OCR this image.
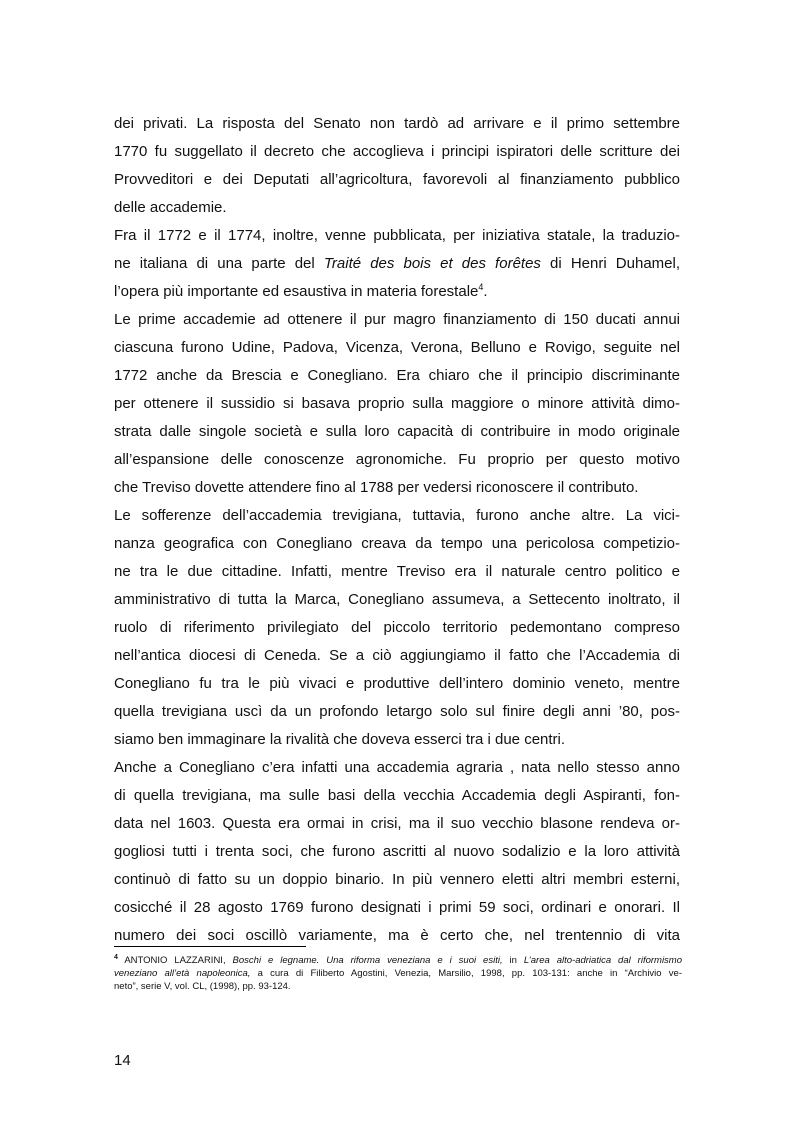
dei privati. La risposta del Senato non tardò ad arrivare e il primo settembre
1770 fu suggellato il decreto che accoglieva i principi ispiratori delle scritture dei
Provveditori e dei Deputati all’agricoltura, favorevoli al finanziamento pubblico
delle accademie.
Fra il 1772 e il 1774, inoltre, venne pubblicata, per iniziativa statale, la traduzio-
ne italiana di una parte del Traité des bois et des forêtes di Henri Duhamel,
l’opera più importante ed esaustiva in materia forestale$^4$.
Le prime accademie ad ottenere il pur magro finanziamento di 150 ducati annui
ciascuna furono Udine, Padova, Vicenza, Verona, Belluno e Rovigo, seguite nel
1772 anche da Brescia e Conegliano. Era chiaro che il principio discriminante
per ottenere il sussidio si basava proprio sulla maggiore o minore attività dimo-
strata dalle singole società e sulla loro capacità di contribuire in modo originale
all’espansione delle conoscenze agronomiche. Fu proprio per questo motivo
che Treviso dovette attendere fino al 1788 per vedersi riconoscere il contributo.
Le sofferenze dell’accademia trevigiana, tuttavia, furono anche altre. La vici-
nanza geografica con Conegliano creava da tempo una pericolosa competizio-
ne tra le due cittadine. Infatti, mentre Treviso era il naturale centro politico e
amministrativo di tutta la Marca, Conegliano assumeva, a Settecento inoltrato, il
ruolo di riferimento privilegiato del piccolo territorio pedemontano compreso
nell’antica diocesi di Ceneda. Se a ciò aggiungiamo il fatto che l’Accademia di
Conegliano fu tra le più vivaci e produttive dell’intero dominio veneto, mentre
quella trevigiana uscì da un profondo letargo solo sul finire degli anni ’80, pos-
siamo ben immaginare la rivalità che doveva esserci tra i due centri.
Anche a Conegliano c’era infatti una accademia agraria , nata nello stesso anno
di quella trevigiana, ma sulle basi della vecchia Accademia degli Aspiranti, fon-
data nel 1603. Questa era ormai in crisi, ma il suo vecchio blasone rendeva or-
gogliosi tutti i trenta soci, che furono ascritti al nuovo sodalizio e la loro attività
continuò di fatto su un doppio binario. In più vennero eletti altri membri esterni,
cosicché il 28 agosto 1769 furono designati i primi 59 soci, ordinari e onorari. Il
numero dei soci oscillò variamente, ma è certo che, nel trentennio di vita
$^4$ ANTONIO LAZZARINI, Boschi e legname. Una riforma veneziana e i suoi esiti, in L’area alto-adriatica dal riformismo
veneziano all’età napoleonica, a cura di Filiberto Agostini, Venezia, Marsilio, 1998, pp. 103-131: anche in “Archivio ve-
neto”, serie V, vol. CL, (1998), pp. 93-124.
14
